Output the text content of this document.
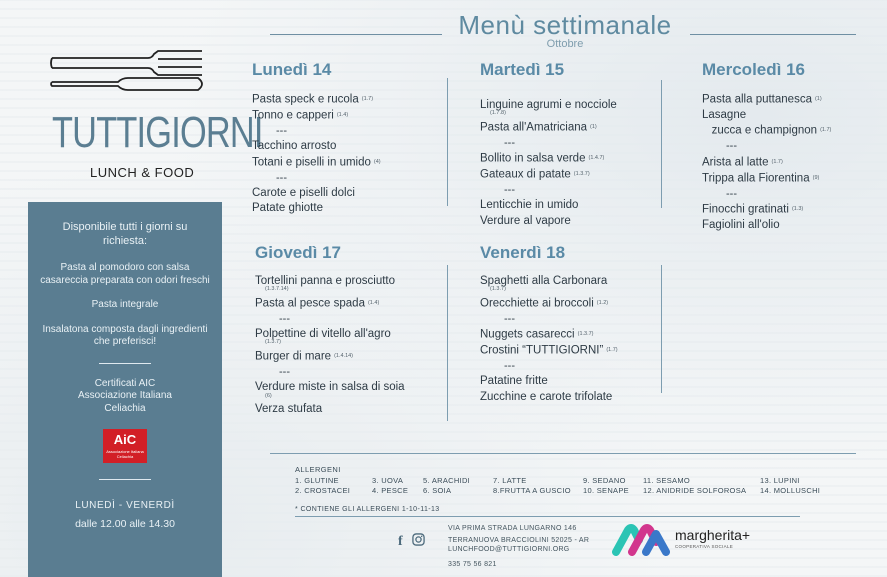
Menù settimanale
Ottobre
TUTTIGIORNI
LUNCH & FOOD

Disponibile tutti i giorni su richiesta:

Pasta al pomodoro con salsa casareccia preparata con odori freschi

Pasta integrale

Insalatona composta dagli ingredienti che preferisci!

Certificati AIC Associazione Italiana Celiachia

AiC
Associazione Italiana Celiachia

LUNEDÌ - VENERDÌ

dalle 12.00 alle 14.30

Lunedì 14
Pasta speck e rucola (1.7)
Tonno e capperi (1.4)
---
Tacchino arrosto
Totani e piselli in umido (4)
---
Carote e piselli dolci
Patate ghiotte
Martedì 15
Linguine agrumi e nocciole
(1.7.8)
Pasta all'Amatriciana (1)
---
Bollito in salsa verde (1.4.7)
Gateaux di patate (1.3.7)
---
Lenticchie in umido
Verdure al vapore
Mercoledì 16
Pasta alla puttanesca (1)
Lasagne
zucca e champignon (1.7)
---
Arista al latte (1.7)
Trippa alla Fiorentina (9)
---
Finocchi gratinati (1.3)
Fagiolini all'olio
Giovedì 17
Tortellini panna e prosciutto
(1.3.7.14)
Pasta al pesce spada (1.4)
---
Polpettine di vitello all'agro
(1.3.7)
Burger di mare (1.4.14)
---
Verdure miste in salsa di soia
(6)
Verza stufata
Venerdì 18
Spaghetti alla Carbonara
(1.3.7)
Orecchiette ai broccoli (1.2)
---
Nuggets casarecci (1.3.7)
Crostini “TUTTIGIORNI” (1.7)
---
Patatine fritte
Zucchine e carote trifolate
ALLERGENI
1. GLUTINE
2. CROSTACEI
3. UOVA
4. PESCE
5. ARACHIDI
6. SOIA
7. LATTE
8.FRUTTA A GUSCIO
9. SEDANO
10. SENAPE
11. SESAMO
12. ANIDRIDE SOLFOROSA
13. LUPINI
14. MOLLUSCHI
* CONTIENE GLI ALLERGENI 1-10-11-13
f
VIA PRIMA STRADA LUNGARNO 146
TERRANUOVA BRACCIOLINI 52025 - AR
LUNCHFOOD@TUTTIGIORNI.ORG
335 75 56 821
margherita+
COOPERATIVA SOCIALE
